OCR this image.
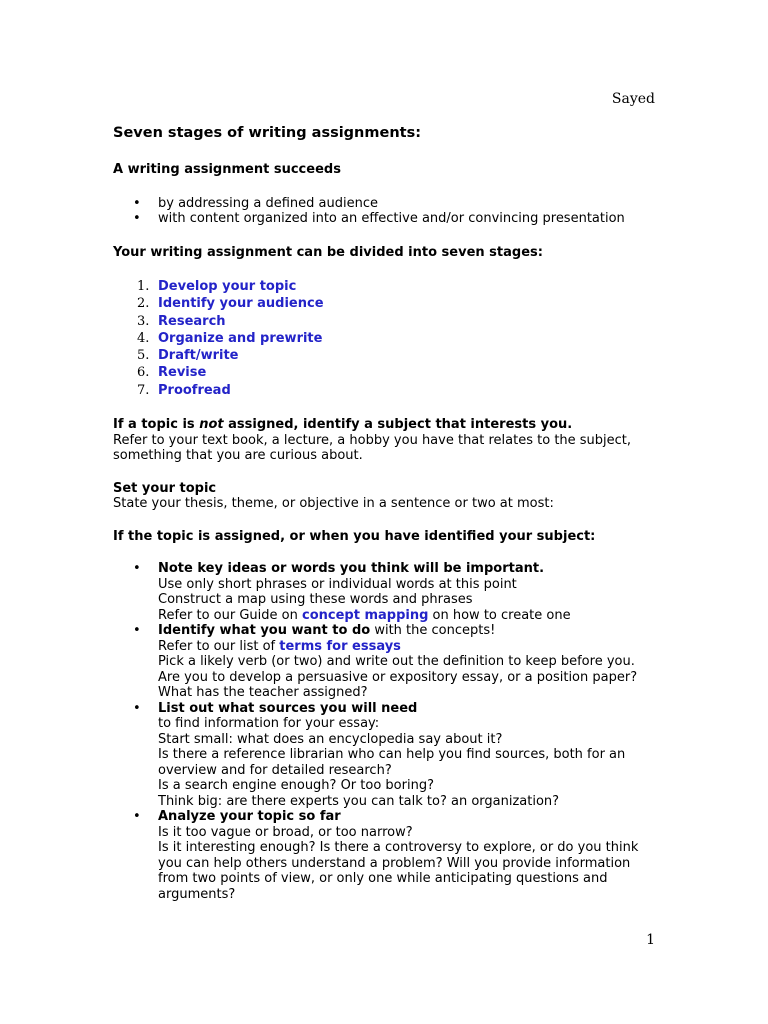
Sayed
Seven stages of writing assignments:

A writing assignment succeeds

• by addressing a defined audience
• with content organized into an effective and/or convincing presentation

Your writing assignment can be divided into seven stages:

1. Develop your topic
2. Identify your audience
3. Research
4. Organize and prewrite
5. Draft/write
6. Revise
7. Proofread

If a topic is not assigned, identify a subject that interests you.

Refer to your text book, a lecture, a hobby you have that relates to the subject, something that you are curious about.

Set your topic

State your thesis, theme, or objective in a sentence or two at most:

If the topic is assigned, or when you have identified your subject:

• Note key ideas or words you think will be important.
Use only short phrases or individual words at this point
Construct a map using these words and phrases
Refer to our Guide on concept mapping on how to create one
• Identify what you want to do with the concepts!
Refer to our list of terms for essays
Pick a likely verb (or two) and write out the definition to keep before you.
Are you to develop a persuasive or expository essay, or a position paper?
What has the teacher assigned?
• List out what sources you will need
to find information for your essay:
Start small: what does an encyclopedia say about it?
Is there a reference librarian who can help you find sources, both for an overview and for detailed research?
Is a search engine enough? Or too boring?
Think big: are there experts you can talk to? an organization?
• Analyze your topic so far
Is it too vague or broad, or too narrow?
Is it interesting enough? Is there a controversy to explore, or do you think you can help others understand a problem? Will you provide information from two points of view, or only one while anticipating questions and arguments?
1
